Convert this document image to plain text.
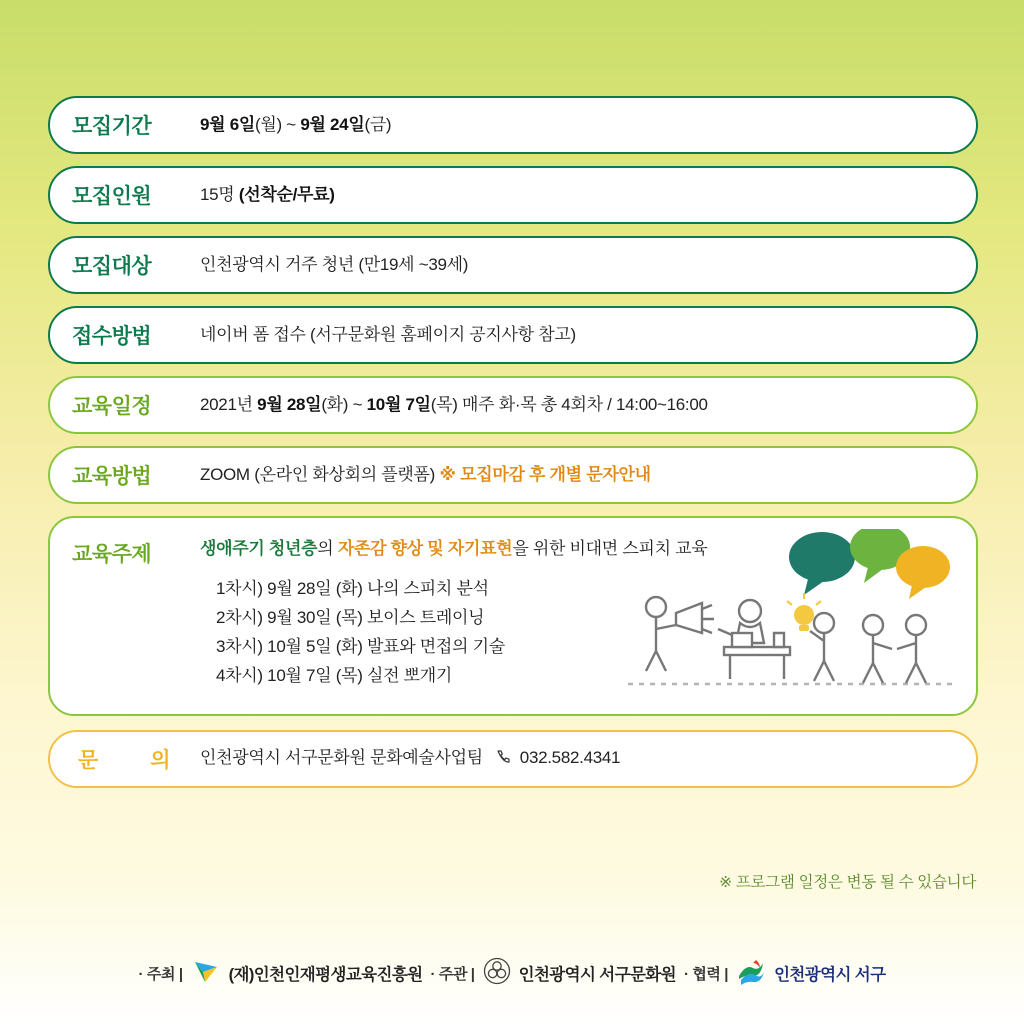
모집기간	9월 6일(월) ~ 9월 24일(금)
모집인원	15명 (선착순/무료)
모집대상	인천광역시 거주 청년 (만19세 ~39세)
접수방법	네이버 폼 접수 (서구문화원 홈페이지 공지사항 참고)
교육일정	2021년 9월 28일(화) ~ 10월 7일(목) 매주 화·목 총 4회차 / 14:00~16:00
교육방법	ZOOM (온라인 화상회의 플랫폼) ※ 모집마감 후 개별 문자안내
교육주제	생애주기 청년층의 자존감 향상 및 자기표현을 위한 비대면 스피치 교육
1차시) 9월 28일 (화) 나의 스피치 분석
2차시) 9월 30일 (목) 보이스 트레이닝
3차시) 10월 5일 (화) 발표와 면접의 기술
4차시) 10월 7일 (목) 실전 뽀개기
문 의 인천광역시 서구문화원 문화예술사업팀 032.582.4341
※ 프로그램 일정은 변동 될 수 있습니다
· 주최 |	(재)인천인재평생교육진흥원 · 주관 |	인천광역시 서구문화원 · 협력 |	인천광역시 서구
